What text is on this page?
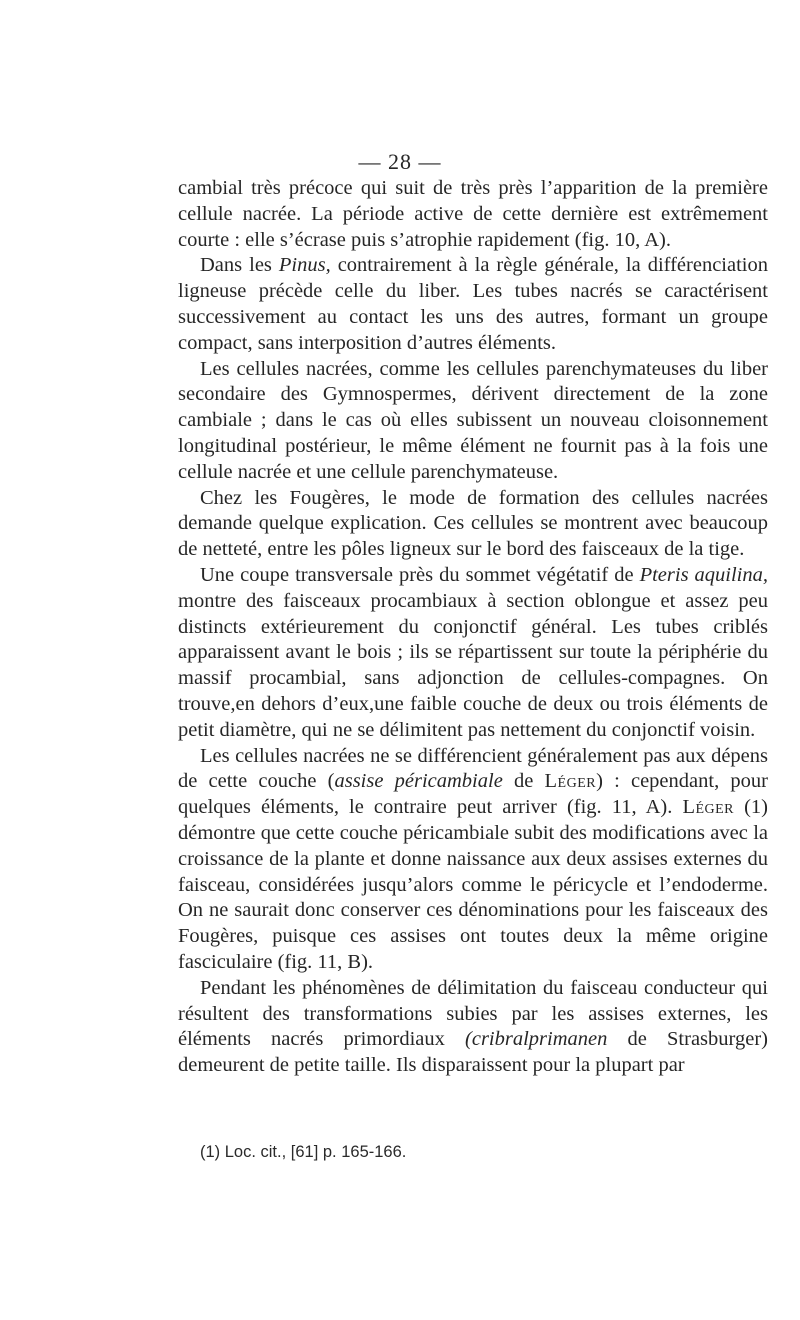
— 28 —

cambial très précoce qui suit de très près l’apparition de la première cellule nacrée. La période active de cette dernière est extrêmement courte : elle s’écrase puis s’atrophie rapidement (fig. 10, A).

Dans les Pinus, contrairement à la règle générale, la différenciation ligneuse précède celle du liber. Les tubes nacrés se caractérisent successivement au contact les uns des autres, formant un groupe compact, sans interposition d’autres éléments.

Les cellules nacrées, comme les cellules parenchymateuses du liber secondaire des Gymnospermes, dérivent directement de la zone cambiale ; dans le cas où elles subissent un nouveau cloisonnement longitudinal postérieur, le même élément ne fournit pas à la fois une cellule nacrée et une cellule parenchymateuse.

Chez les Fougères, le mode de formation des cellules nacrées demande quelque explication. Ces cellules se montrent avec beaucoup de netteté, entre les pôles ligneux sur le bord des faisceaux de la tige.

Une coupe transversale près du sommet végétatif de Pteris aquilina, montre des faisceaux procambiaux à section oblongue et assez peu distincts extérieurement du conjonctif général. Les tubes criblés apparaissent avant le bois ; ils se répartissent sur toute la périphérie du massif procambial, sans adjonction de cellules-compagnes. On trouve,en dehors d’eux,une faible couche de deux ou trois éléments de petit diamètre, qui ne se délimitent pas nettement du conjonctif voisin.

Les cellules nacrées ne se différencient généralement pas aux dépens de cette couche (assise péricambiale de Léger) : cependant, pour quelques éléments, le contraire peut arriver (fig. 11, A). Léger (1) démontre que cette couche péricambiale subit des modifications avec la croissance de la plante et donne naissance aux deux assises externes du faisceau, considérées jusqu’alors comme le péricycle et l’endoderme. On ne saurait donc conserver ces dénominations pour les faisceaux des Fougères, puisque ces assises ont toutes deux la même origine fasciculaire (fig. 11, B).

Pendant les phénomènes de délimitation du faisceau conducteur qui résultent des transformations subies par les assises externes, les éléments nacrés primordiaux (cribralprimanen de Strasburger) demeurent de petite taille. Ils disparaissent pour la plupart par

(1) Loc. cit., [61] p. 165-166.
